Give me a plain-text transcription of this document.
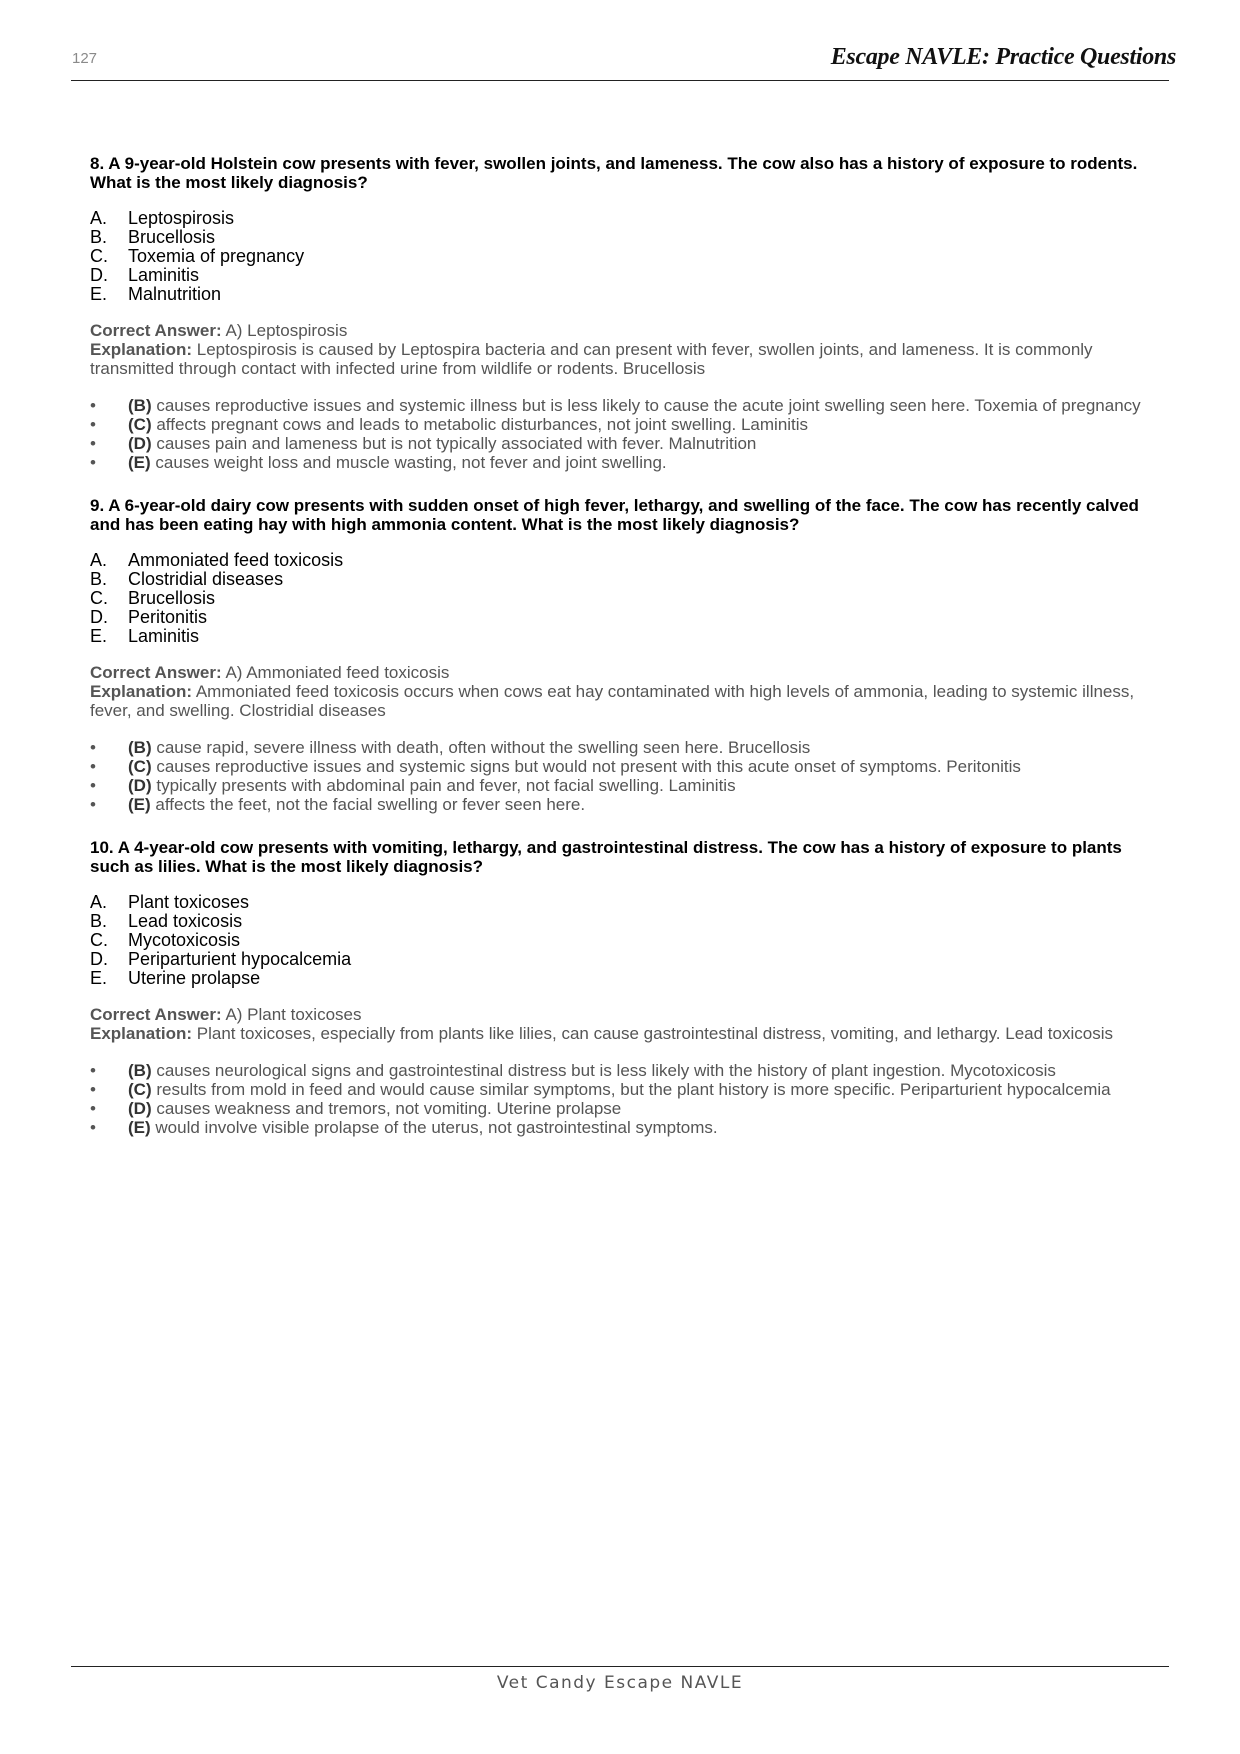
127	Escape NAVLE: Practice Questions
8. A 9-year-old Holstein cow presents with fever, swollen joints, and lameness. The cow also has a history of exposure to rodents. What is the most likely diagnosis?
A.	Leptospirosis
B.	Brucellosis
C.	Toxemia of pregnancy
D.	Laminitis
E.	Malnutrition
Correct Answer: A) Leptospirosis
Explanation: Leptospirosis is caused by Leptospira bacteria and can present with fever, swollen joints, and lameness. It is commonly transmitted through contact with infected urine from wildlife or rodents. Brucellosis
•	(B) causes reproductive issues and systemic illness but is less likely to cause the acute joint swelling seen here. Toxemia of pregnancy
•	(C) affects pregnant cows and leads to metabolic disturbances, not joint swelling. Laminitis
•	(D) causes pain and lameness but is not typically associated with fever. Malnutrition
•	(E) causes weight loss and muscle wasting, not fever and joint swelling.
9. A 6-year-old dairy cow presents with sudden onset of high fever, lethargy, and swelling of the face. The cow has recently calved and has been eating hay with high ammonia content. What is the most likely diagnosis?
A.	Ammoniated feed toxicosis
B.	Clostridial diseases
C.	Brucellosis
D.	Peritonitis
E.	Laminitis
Correct Answer: A) Ammoniated feed toxicosis
Explanation: Ammoniated feed toxicosis occurs when cows eat hay contaminated with high levels of ammonia, leading to systemic illness, fever, and swelling. Clostridial diseases
•	(B) cause rapid, severe illness with death, often without the swelling seen here. Brucellosis
•	(C) causes reproductive issues and systemic signs but would not present with this acute onset of symptoms. Peritonitis
•	(D) typically presents with abdominal pain and fever, not facial swelling. Laminitis
•	(E) affects the feet, not the facial swelling or fever seen here.
10. A 4-year-old cow presents with vomiting, lethargy, and gastrointestinal distress. The cow has a history of exposure to plants such as lilies. What is the most likely diagnosis?
A.	Plant toxicoses
B.	Lead toxicosis
C.	Mycotoxicosis
D.	Periparturient hypocalcemia
E.	Uterine prolapse
Correct Answer: A) Plant toxicoses
Explanation: Plant toxicoses, especially from plants like lilies, can cause gastrointestinal distress, vomiting, and lethargy. Lead toxicosis
•	(B) causes neurological signs and gastrointestinal distress but is less likely with the history of plant ingestion. Mycotoxicosis
•	(C) results from mold in feed and would cause similar symptoms, but the plant history is more specific. Periparturient hypocalcemia
•	(D) causes weakness and tremors, not vomiting. Uterine prolapse
•	(E) would involve visible prolapse of the uterus, not gastrointestinal symptoms.
Vet Candy Escape NAVLE
